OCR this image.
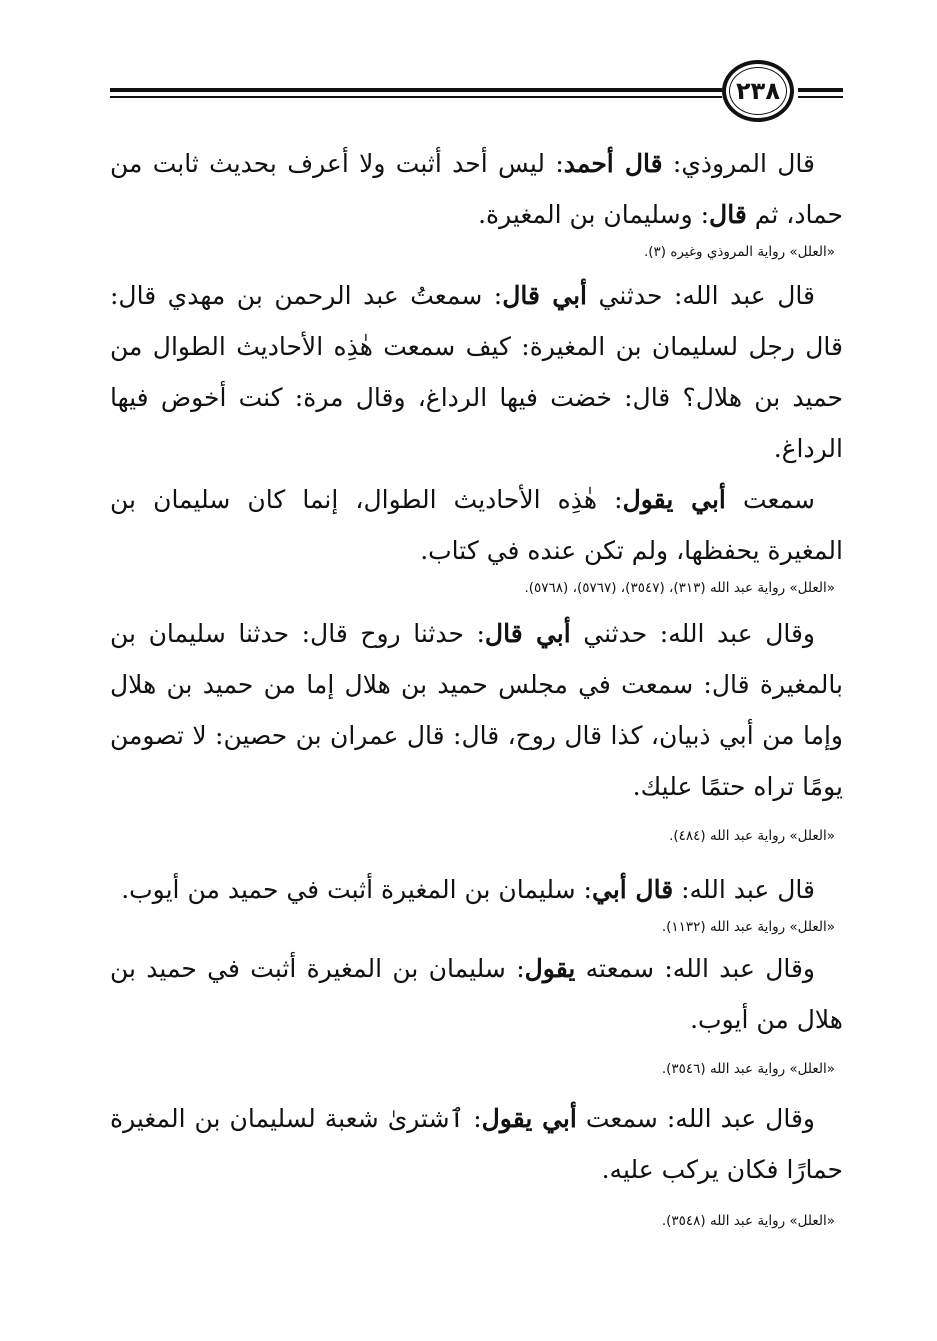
٢٣٨

قال المروذي: قال أحمد: ليس أحد أثبت ولا أعرف بحديث ثابت من حماد، ثم قال: وسليمان بن المغيرة.

«العلل» رواية المروذي وغيره (٣).

قال عبد الله: حدثني أبي قال: سمعتُ عبد الرحمن بن مهدي قال: قال رجل لسليمان بن المغيرة: كيف سمعت هٰذِه الأحاديث الطوال من حميد بن هلال؟ قال: خضت فيها الرداغ، وقال مرة: كنت أخوض فيها الرداغ.

سمعت أبي يقول: هٰذِه الأحاديث الطوال، إنما كان سليمان بن المغيرة يحفظها، ولم تكن عنده في كتاب.

«العلل» رواية عبد الله (٣١٣)، (٣٥٤٧)، (٥٧٦٧)، (٥٧٦٨).

وقال عبد الله: حدثني أبي قال: حدثنا روح قال: حدثنا سليمان بن بالمغيرة قال: سمعت في مجلس حميد بن هلال إما من حميد بن هلال وإما من أبي ذبيان، كذا قال روح، قال: قال عمران بن حصين: لا تصومن يومًا تراه حتمًا عليك.

«العلل» رواية عبد الله (٤٨٤).

قال عبد الله: قال أبي: سليمان بن المغيرة أثبت في حميد من أيوب.

«العلل» رواية عبد الله (١١٣٢).

وقال عبد الله: سمعته يقول: سليمان بن المغيرة أثبت في حميد بن هلال من أيوب.

«العلل» رواية عبد الله (٣٥٤٦).

وقال عبد الله: سمعت أبي يقول: ٱشترىٰ شعبة لسليمان بن المغيرة حمارًا فكان يركب عليه.

«العلل» رواية عبد الله (٣٥٤٨).
